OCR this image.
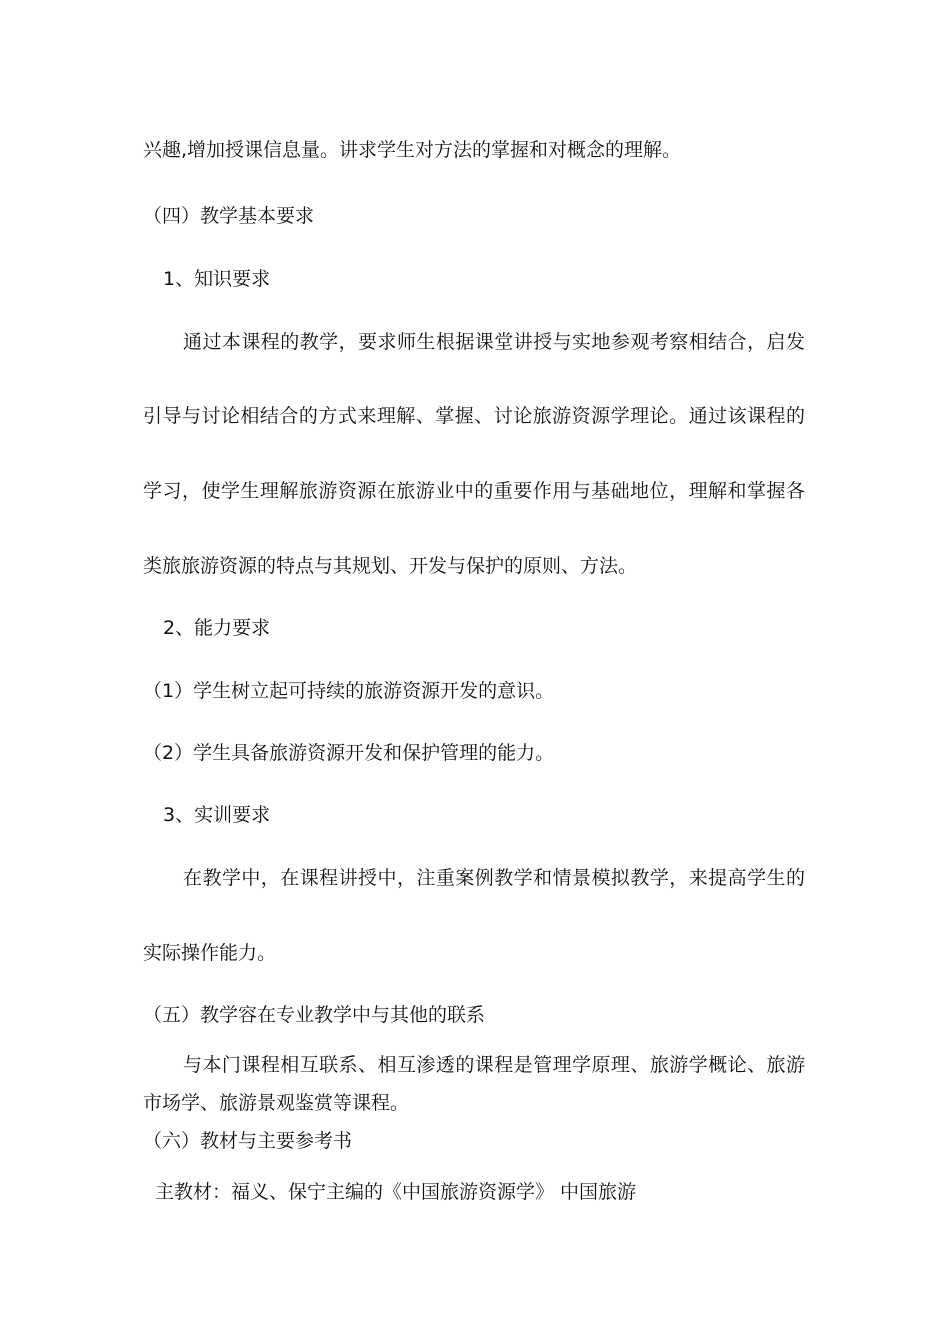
兴趣,增加授课信息量。讲求学生对方法的掌握和对概念的理解。
（四）教学基本要求
1、知识要求
通过本课程的教学，要求师生根据课堂讲授与实地参观考察相结合，启发
引导与讨论相结合的方式来理解、掌握、讨论旅游资源学理论。通过该课程的
学习，使学生理解旅游资源在旅游业中的重要作用与基础地位，理解和掌握各
类旅旅游资源的特点与其规划、开发与保护的原则、方法。
2、能力要求
（1）学生树立起可持续的旅游资源开发的意识。
（2）学生具备旅游资源开发和保护管理的能力。
3、实训要求
在教学中，在课程讲授中，注重案例教学和情景模拟教学，来提高学生的
实际操作能力。
（五）教学容在专业教学中与其他的联系
与本门课程相互联系、相互渗透的课程是管理学原理、旅游学概论、旅游
市场学、旅游景观鉴赏等课程。
（六）教材与主要参考书
主教材：福义、保宁主编的《中国旅游资源学》 中国旅游
